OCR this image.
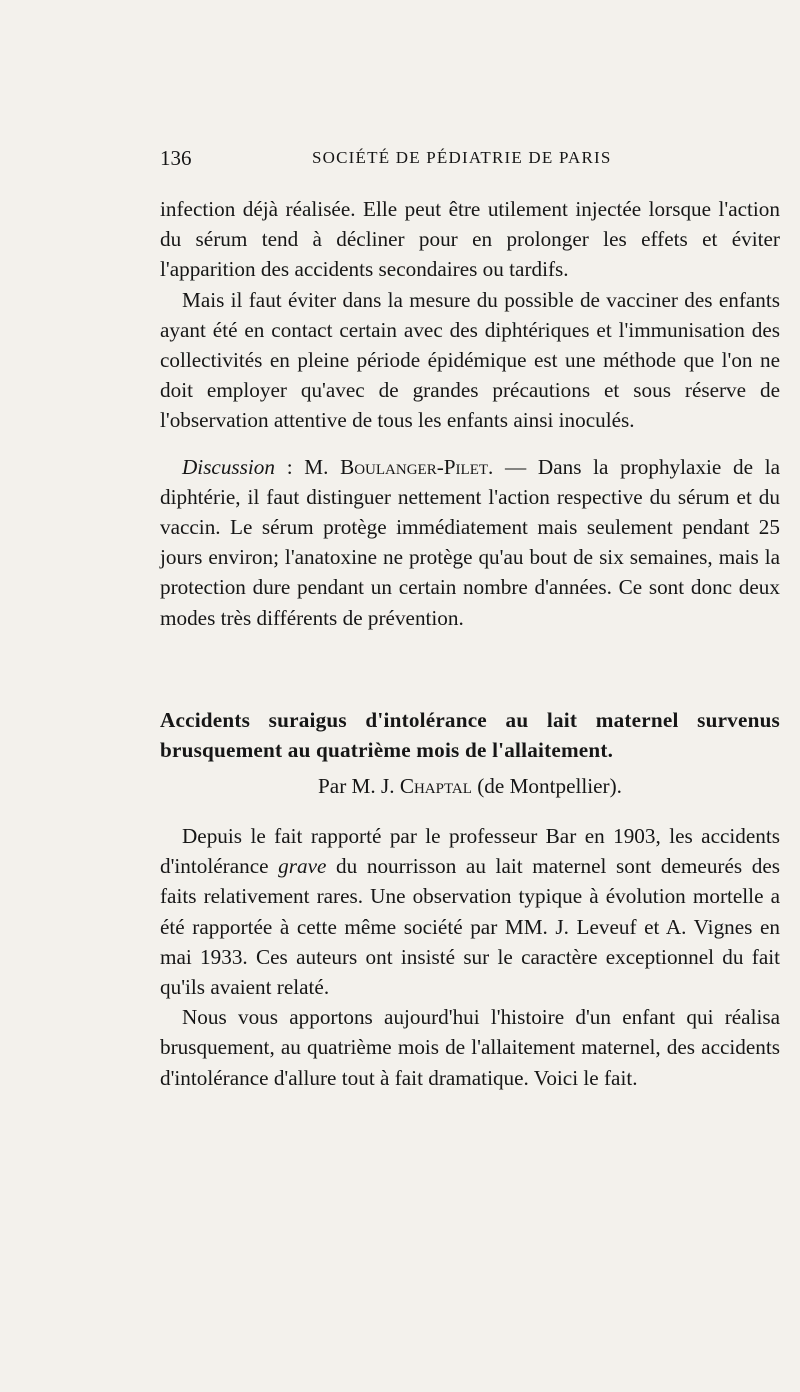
136	SOCIÉTÉ DE PÉDIATRIE DE PARIS

infection déjà réalisée. Elle peut être utilement injectée lorsque l'action du sérum tend à décliner pour en prolonger les effets et éviter l'apparition des accidents secondaires ou tardifs.

Mais il faut éviter dans la mesure du possible de vacciner des enfants ayant été en contact certain avec des diphtériques et l'immunisation des collectivités en pleine période épidémique est une méthode que l'on ne doit employer qu'avec de grandes précautions et sous réserve de l'observation attentive de tous les enfants ainsi inoculés.

Discussion : M. Boulanger-Pilet. — Dans la prophylaxie de la diphtérie, il faut distinguer nettement l'action respective du sérum et du vaccin. Le sérum protège immédiatement mais seulement pendant 25 jours environ; l'anatoxine ne protège qu'au bout de six semaines, mais la protection dure pendant un certain nombre d'années. Ce sont donc deux modes très différents de prévention.

Accidents suraigus d'intolérance au lait maternel survenus brusquement au quatrième mois de l'allaitement.

Par M. J. Chaptal (de Montpellier).

Depuis le fait rapporté par le professeur Bar en 1903, les accidents d'intolérance grave du nourrisson au lait maternel sont demeurés des faits relativement rares. Une observation typique à évolution mortelle a été rapportée à cette même société par MM. J. Leveuf et A. Vignes en mai 1933. Ces auteurs ont insisté sur le caractère exceptionnel du fait qu'ils avaient relaté.

Nous vous apportons aujourd'hui l'histoire d'un enfant qui réalisa brusquement, au quatrième mois de l'allaitement maternel, des accidents d'intolérance d'allure tout à fait dramatique. Voici le fait.
